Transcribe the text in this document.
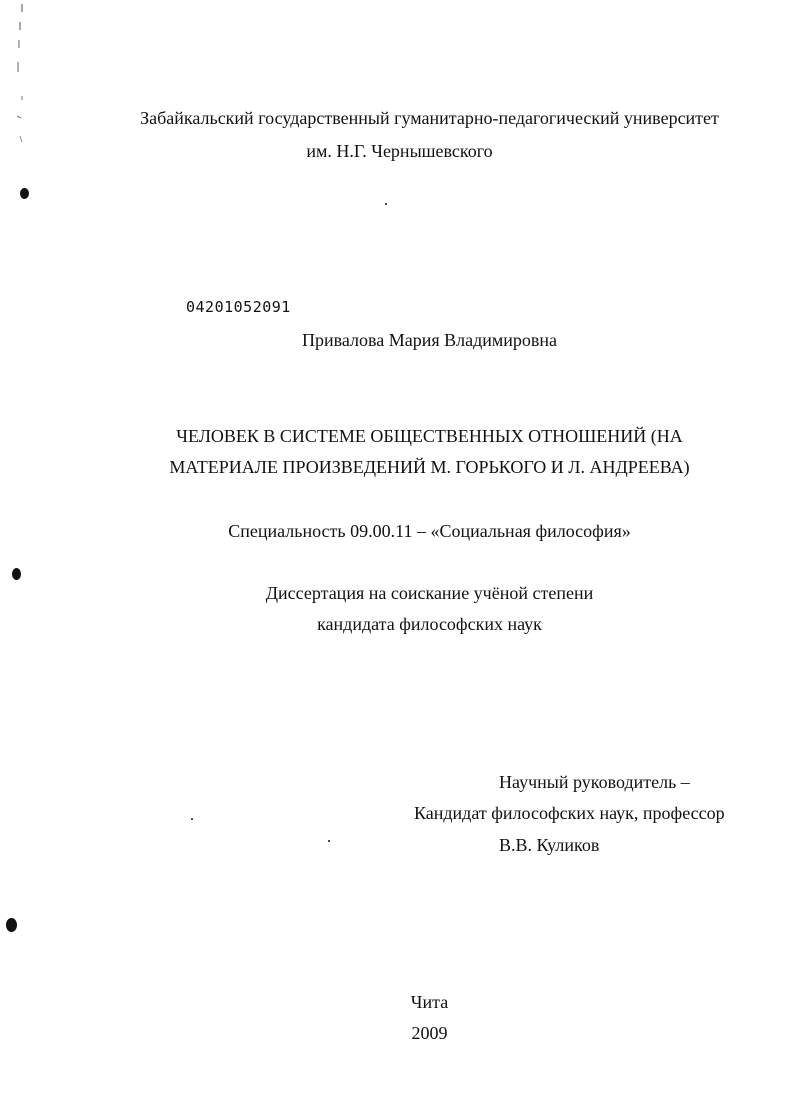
Забайкальский государственный гуманитарно-педагогический университет
им. Н.Г. Чернышевского
04201052091
Привалова Мария Владимировна
ЧЕЛОВЕК В СИСТЕМЕ ОБЩЕСТВЕННЫХ ОТНОШЕНИЙ (НА
МАТЕРИАЛЕ ПРОИЗВЕДЕНИЙ М. ГОРЬКОГО И Л. АНДРЕЕВА)
Специальность 09.00.11 – «Социальная философия»
Диссертация на соискание учёной степени
кандидата философских наук
Научный руководитель –
Кандидат философских наук, профессор
В.В. Куликов
Чита
2009
